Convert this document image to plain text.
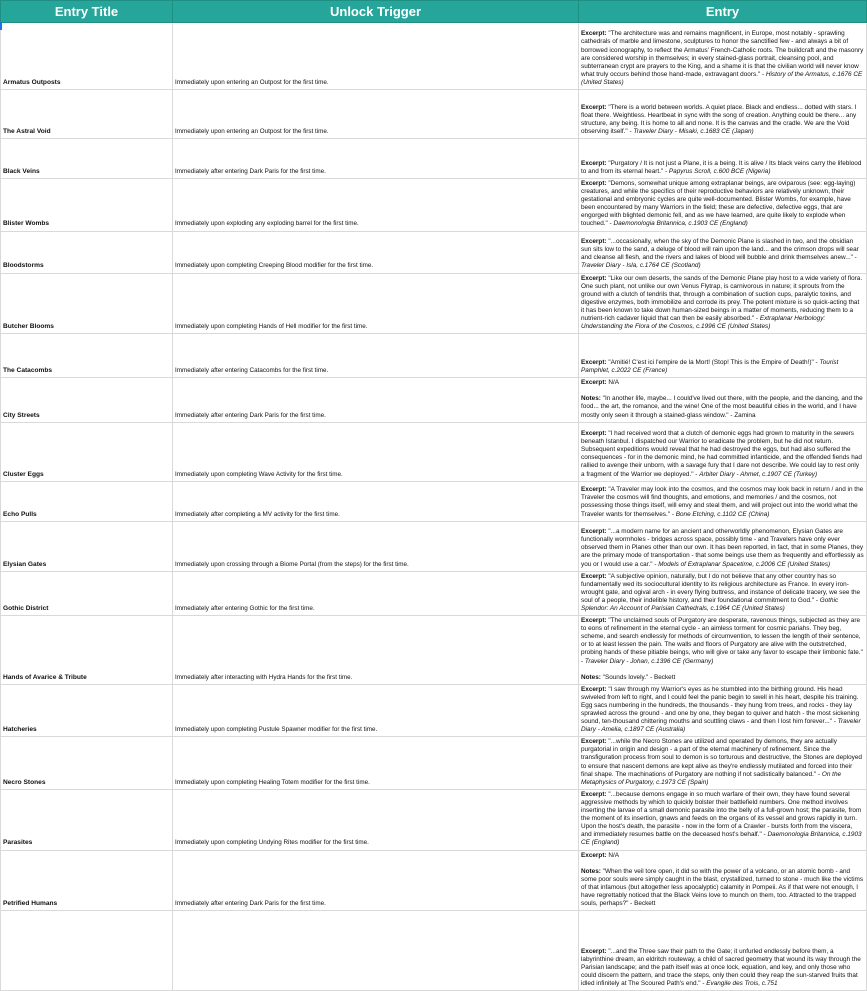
Entry Title	Unlock Trigger	Entry
Armatus Outposts	Immediately upon entering an Outpost for the first time.	Excerpt: "The architecture was and remains magnificent, in Europe, most notably - sprawling cathedrals of marble and limestone, sculptures to honor the sanctified few - and always a bit of borrowed iconography, to reflect the Armatus' French-Catholic roots. The buildcraft and the masonry are considered worship in themselves; in every stained-glass portrait, cleansing pool, and subterranean crypt are prayers to the King, and a shame it is that the civilian world will never know what truly occurs behind those hand-made, extravagant doors." - History of the Armatus, c.1676 CE (United States)

The Astral Void	Immediately upon entering an Outpost for the first time.	Excerpt: "There is a world between worlds. A quiet place. Black and endless... dotted with stars. I float there. Weightless. Heartbeat in sync with the song of creation. Anything could be there... any structure, any being. It is home to all and none. It is the canvas and the cradle. We are the Void observing itself." - Traveler Diary - Misaki, c.1683 CE (Japan)

Black Veins	Immediately after entering Dark Paris for the first time.	Excerpt: "Purgatory / It is not just a Plane, it is a being. It is alive / Its black veins carry the lifeblood to and from its eternal heart." - Papyrus Scroll, c.600 BCE (Nigeria)

Blister Wombs	Immediately upon exploding any exploding barrel for the first time.	Excerpt: "Demons, somewhat unique among extraplanar beings, are oviparous (see: egg-laying) creatures, and while the specifics of their reproductive behaviors are relatively unknown, their gestational and embryonic cycles are quite well-documented. Blister Wombs, for example, have been encountered by many Warriors in the field; these are defective, defective eggs, that are engorged with blighted demonic fell, and as we have learned, are quite likely to explode when touched." - Daemonologia Britannica, c.1903 CE (England)

Bloodstorms	Immediately upon completing Creeping Blood modifier for the first time.	Excerpt: "...occasionally, when the sky of the Demonic Plane is slashed in two, and the obsidian sun sits low to the sand, a deluge of blood will rain upon the land... and the crimson drops will sear and cleanse all flesh, and the rivers and lakes of blood will bubble and drink themselves anew..." - Traveler Diary - Isla, c.1764 CE (Scotland)

Butcher Blooms	Immediately upon completing Hands of Hell modifier for the first time.	Excerpt: "Like our own deserts, the sands of the Demonic Plane play host to a wide variety of flora. One such plant, not unlike our own Venus Flytrap, is carnivorous in nature; it sprouts from the ground with a clutch of tendrils that, through a combination of suction cups, paralytic toxins, and digestive enzymes, both immobilize and corrode its prey. The potent mixture is so quick-acting that it has been known to take down human-sized beings in a matter of moments, reducing them to a nutrient-rich cadaver liquid that can then be easily absorbed." - Extraplanar Herbology: Understanding the Flora of the Cosmos, c.1996 CE (United States)

The Catacombs	Immediately after entering Catacombs for the first time.	Excerpt: "Amitié! C'est ici l'empire de la Mort! (Stop! This is the Empire of Death!)" - Tourist Pamphlet, c.2022 CE (France)

City Streets	Immediately after entering Dark Paris for the first time.	Excerpt: N/A
Notes: "In another life, maybe... I could've lived out there, with the people, and the dancing, and the food... the art, the romance, and the wine! One of the most beautiful cities in the world, and I have mostly only seen it through a stained-glass window." - Zamina

Cluster Eggs	Immediately upon completing Wave Activity for the first time.	Excerpt: "I had received word that a clutch of demonic eggs had grown to maturity in the sewers beneath Istanbul. I dispatched our Warrior to eradicate the problem, but he did not return. Subsequent expeditions would reveal that he had destroyed the eggs, but had also suffered the consequences - for in the demonic mind, he had committed infanticide, and the offended fiends had rallied to avenge their unborn, with a savage fury that I dare not describe. We could lay to rest only a fragment of the Warrior we deployed." - Arbiter Diary - Ahmet, c.1907 CE (Turkey)

Echo Pulls	Immediately after completing a MV activity for the first time.	Excerpt: "A Traveler may look into the cosmos, and the cosmos may look back in return / and in the Traveler the cosmos will find thoughts, and emotions, and memories / and the cosmos, not possessing those things itself, will envy and steal them, and will project out into the world what the Traveler wants for themselves." - Bone Etching, c.1102 CE (China)

Elysian Gates	Immediately upon crossing through a Biome Portal (from the steps) for the first time.	Excerpt: "...a modern name for an ancient and otherworldly phenomenon, Elysian Gates are functionally wormholes - bridges across space, possibly time - and Travelers have only ever observed them in Planes other than our own. It has been reported, in fact, that in some Planes, they are the primary mode of transportation - that some beings use them as frequently and effortlessly as you or I would use a car." - Models of Extraplanar Spacetime, c.2006 CE (United States)

Gothic District	Immediately after entering Gothic for the first time.	Excerpt: "A subjective opinion, naturally, but I do not believe that any other country has so fundamentally wed its sociocultural identity to its religious architecture as France. In every iron-wrought gate, and ogival arch - in every flying buttress, and instance of delicate tracery, we see the soul of a people, their indelible history, and their foundational commitment to God." - Gothic Splendor: An Account of Parisian Cathedrals, c.1964 CE (United States)

Hands of Avarice & Tribute	Immediately after interacting with Hydra Hands for the first time.	Excerpt: "The unclaimed souls of Purgatory are desperate, ravenous things, subjected as they are to eons of refinement in the eternal cycle - an aimless torment for cosmic pariahs. They beg, scheme, and search endlessly for methods of circumvention, to lessen the length of their sentence, or to at least lessen the pain. The walls and floors of Purgatory are alive with the outstretched, probing hands of these pitiable beings, who will give or take any favor to escape their limbonic fate." - Traveler Diary - Johan, c.1396 CE (Germany)
Notes: "Sounds lovely." - Beckett

Hatcheries	Immediately upon completing Pustule Spawner modifier for the first time.	Excerpt: "I saw through my Warrior's eyes as he stumbled into the birthing ground. His head swiveled from left to right, and I could feel the panic begin to swell in his heart, despite his training. Egg sacs numbering in the hundreds, the thousands - they hung from trees, and rocks - they lay sprawled across the ground - and one by one, they began to quiver and hatch - the most sickening sound, ten-thousand chittering mouths and scuttling claws - and then I lost him forever..." - Traveler Diary - Amelia, c.1897 CE (Australia)

Necro Stones	Immediately upon completing Healing Totem modifier for the first time.	Excerpt: "...while the Necro Stones are utilized and operated by demons, they are actually purgatorial in origin and design - a part of the eternal machinery of refinement. Since the transfiguration process from soul to demon is so torturous and destructive, the Stones are deployed to ensure that nascent demons are kept alive as they're endlessly mutilated and forced into their final shape. The machinations of Purgatory are nothing if not sadistically balanced." - On the Metaphysics of Purgatory, c.1973 CE (Spain)

Parasites	Immediately upon completing Undying Rites modifier for the first time.	Excerpt: "...because demons engage in so much warfare of their own, they have found several aggressive methods by which to quickly bolster their battlefield numbers. One method involves inserting the larvae of a small demonic parasite into the belly of a full-grown host; the parasite, from the moment of its insertion, gnaws and feeds on the organs of its vessel and grows rapidly in turn. Upon the host's death, the parasite - now in the form of a Crawler - bursts forth from the viscera, and immediately resumes battle on the deceased host's behalf." - Daemonologia Britannica, c.1903 CE (England)

Petrified Humans	Immediately after entering Dark Paris for the first time.	Excerpt: N/A
Notes: "When the veil tore open, it did so with the power of a volcano, or an atomic bomb - and some poor souls were simply caught in the blast, crystallized, turned to stone - much like the victims of that infamous (but altogether less apocalyptic) calamity in Pompeii. As if that were not enough, I have regrettably noticed that the Black Veins love to munch on them, too. Attracted to the trapped souls, perhaps?" - Beckett

		Excerpt: "...and the Three saw their path to the Gate; it unfurled endlessly before them, a labyrinthine dream, an eldritch routeway, a child of sacred geometry that wound its way through the Parisian landscape; and the path itself was at once lock, equation, and key, and only those who could discern the pattern, and trace the steps, only then could they reap the sun-starved fruits that idled infinitely at The Scoured Path's end." - Evangile des Trois, c.751
